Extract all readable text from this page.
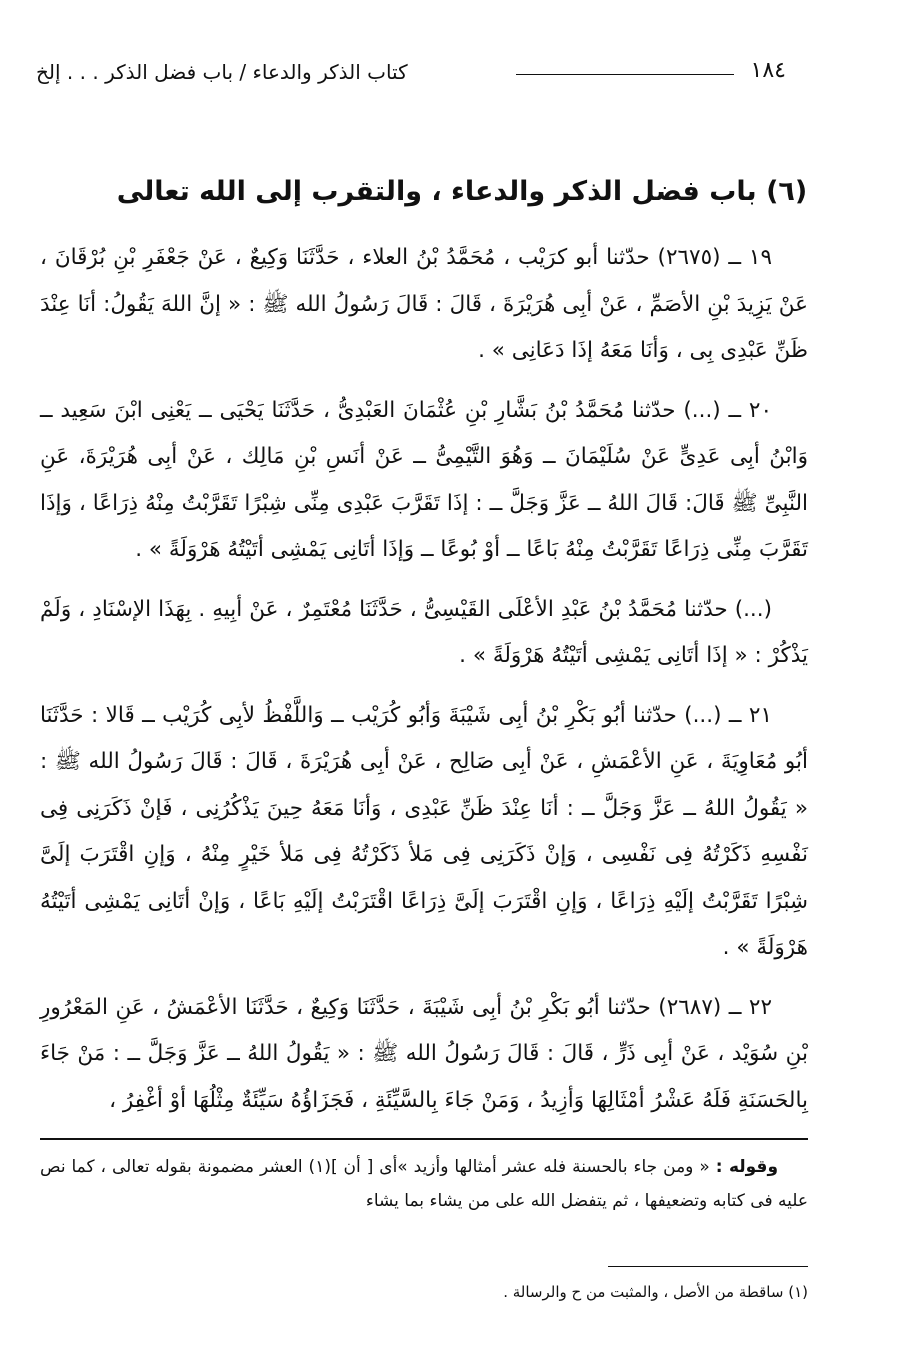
١٨٤
كتاب الذكر والدعاء / باب فضل الذكر . . . إلخ
(٦) باب فضل الذكر والدعاء ، والتقرب إلى الله تعالى

١٩ ــ (٢٦٧٥) حدّثنا أبو كرَيْب ، مُحَمَّدُ بْنُ العلاء ، حَدَّثَنَا وَكِيعٌ ، عَنْ جَعْفَرِ بْنِ بُرْقَانَ ، عَنْ يَزِيدَ بْنِ الأصَمِّ ، عَنْ أبِى هُرَيْرَةَ ، قَالَ : قَالَ رَسُولُ الله ﷺ : « إنَّ اللهَ يَقُولُ: أنَا عِنْدَ ظَنِّ عَبْدِى بِى ، وَأنَا مَعَهُ إذَا دَعَانِى » .

٢٠ ــ (...) حدّثنا مُحَمَّدُ بْنُ بَشَّارِ بْنِ عُثْمَانَ العَبْدِىُّ ، حَدَّثَنَا يَحْيَى ــ يَعْنِى ابْنَ سَعِيد ــ وَابْنُ أبِى عَدِىٍّ عَنْ سُلَيْمَانَ ــ وَهُوَ التَّيْمِىُّ ــ عَنْ أنَسِ بْنِ مَالِك ، عَنْ أبِى هُرَيْرَةَ، عَنِ النَّبِىِّ ﷺ قَالَ: قَالَ اللهُ ــ عَزَّ وَجَلَّ ــ : إذَا تَقَرَّبَ عَبْدِى مِنِّى شِبْرًا تَقَرَّبْتُ مِنْهُ ذِرَاعًا ، وَإذَا تَقَرَّبَ مِنِّى ذِرَاعًا تَقَرَّبْتُ مِنْهُ بَاعًا ــ أوْ بُوعًا ــ وَإذَا أتَانِى يَمْشِى أتَيْتُهُ هَرْوَلَةً » .

(...) حدّثنا مُحَمَّدُ بْنُ عَبْدِ الأعْلَى القَيْسِىُّ ، حَدَّثَنَا مُعْتَمِرٌ ، عَنْ أبِيهِ . بِهَذَا الإسْنَادِ ، وَلَمْ يَذْكُرْ : « إذَا أتَانِى يَمْشِى أتَيْتُهُ هَرْوَلَةً » .

٢١ ــ (...) حدّثنا أبُو بَكْرِ بْنُ أبِى شَيْبَةَ وَأبُو كُرَيْب ــ وَاللَّفْظُ لأبِى كُرَيْب ــ قَالا : حَدَّثَنَا أبُو مُعَاوِيَةَ ، عَنِ الأعْمَشِ ، عَنْ أبِى صَالِح ، عَنْ أبِى هُرَيْرَةَ ، قَالَ : قَالَ رَسُولُ الله ﷺ : « يَقُولُ اللهُ ــ عَزَّ وَجَلَّ ــ : أنَا عِنْدَ ظَنِّ عَبْدِى ، وَأنَا مَعَهُ حِينَ يَذْكُرُنِى ، فَإنْ ذَكَرَنِى فِى نَفْسِهِ ذَكَرْتُهُ فِى نَفْسِى ، وَإنْ ذَكَرَنِى فِى مَلأ ذَكَرْتُهُ فِى مَلأ خَيْرٍ مِنْهُ ، وَإنِ اقْتَرَبَ إلَىَّ شِبْرًا تَقَرَّبْتُ إلَيْهِ ذِرَاعًا ، وَإنِ اقْتَرَبَ إلَىَّ ذِرَاعًا اقْتَرَبْتُ إلَيْهِ بَاعًا ، وَإنْ أتَانِى يَمْشِى أتَيْتُهُ هَرْوَلَةً » .

٢٢ ــ (٢٦٨٧) حدّثنا أبُو بَكْرِ بْنُ أبِى شَيْبَةَ ، حَدَّثَنَا وَكِيعٌ ، حَدَّثَنَا الأعْمَشُ ، عَنِ المَعْرُورِ بْنِ سُوَيْد ، عَنْ أبِى ذَرٍّ ، قَالَ : قَالَ رَسُولُ الله ﷺ : « يَقُولُ اللهُ ــ عَزَّ وَجَلَّ ــ : مَنْ جَاءَ بِالحَسَنَةِ فَلَهُ عَشْرُ أمْثَالِهَا وَأزِيدُ ، وَمَنْ جَاءَ بِالسَّيِّئَةِ ، فَجَزَاؤُهُ سَيِّئَةٌ مِثْلُهَا أوْ أغْفِرُ ،

وقوله : « ومن جاء بالحسنة فله عشر أمثالها وأزيد »أى [ أن ](١) العشر مضمونة بقوله تعالى ، كما نص عليه فى كتابه وتضعيفها ، ثم يتفضل الله على من يشاء بما يشاء
(١) ساقطة من الأصل ، والمثبت من ح والرسالة .
